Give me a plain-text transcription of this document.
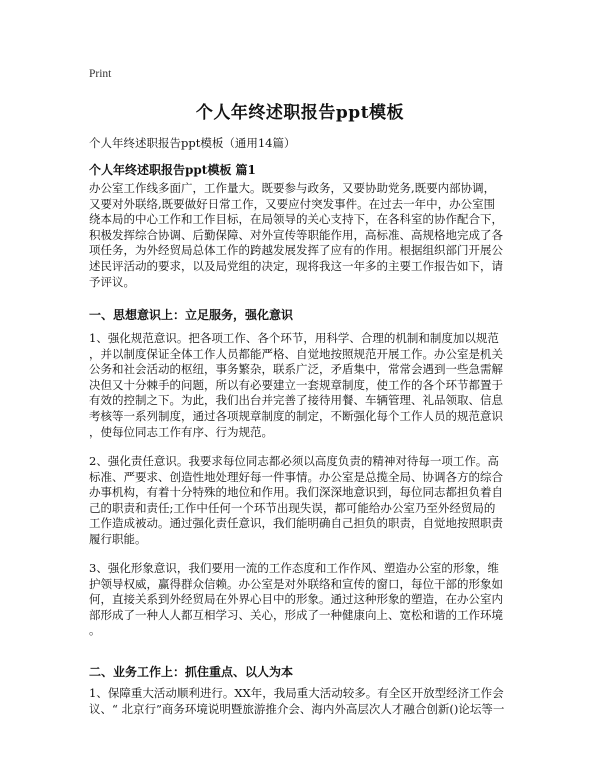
Print
个人年终述职报告ppt模板
个人年终述职报告ppt模板（通用14篇）
个人年终述职报告ppt模板 篇1
办公室工作线多面广，工作量大。既要参与政务，又要协助党务,既要内部协调，
又要对外联络,既要做好日常工作，又要应付突发事件。在过去一年中，办公室围
绕本局的中心工作和工作目标，在局领导的关心支持下，在各科室的协作配合下，
积极发挥综合协调、后勤保障、对外宣传等职能作用，高标准、高规格地完成了各
项任务，为外经贸局总体工作的跨越发展发挥了应有的作用。根据组织部门开展公
述民评活动的要求，以及局党组的决定，现将我这一年多的主要工作报告如下，请
予评议。
一、思想意识上：立足服务，强化意识
1、强化规范意识。把各项工作、各个环节，用科学、合理的机制和制度加以规范
，并以制度保证全体工作人员都能严格、自觉地按照规范开展工作。办公室是机关
公务和社会活动的枢纽，事务繁杂，联系广泛，矛盾集中，常常会遇到一些急需解
决但又十分棘手的问题，所以有必要建立一套规章制度，使工作的各个环节都置于
有效的控制之下。为此，我们出台并完善了接待用餐、车辆管理、礼品领取、信息
考核等一系列制度，通过各项规章制度的制定，不断强化每个工作人员的规范意识
，使每位同志工作有序、行为规范。
2、强化责任意识。我要求每位同志都必须以高度负责的精神对待每一项工作。高
标准、严要求、创造性地处理好每一件事情。办公室是总揽全局、协调各方的综合
办事机构，有着十分特殊的地位和作用。我们深深地意识到，每位同志都担负着自
己的职责和责任;工作中任何一个环节出现失误，都可能给办公室乃至外经贸局的
工作造成被动。通过强化责任意识，我们能明确自己担负的职责，自觉地按照职责
履行职能。
3、强化形象意识，我们要用一流的工作态度和工作作风、塑造办公室的形象，维
护领导权威，赢得群众信赖。办公室是对外联络和宣传的窗口，每位干部的形象如
何，直接关系到外经贸局在外界心目中的形象。通过这种形象的塑造，在办公室内
部形成了一种人人都互相学习、关心，形成了一种健康向上、宽松和谐的工作环境
。
二、业务工作上：抓住重点、以人为本
1、保障重大活动顺利进行。XX年，我局重大活动较多。有全区开放型经济工作会
议、“ 北京行”商务环境说明暨旅游推介会、海内外高层次人才融合创新()论坛等一
